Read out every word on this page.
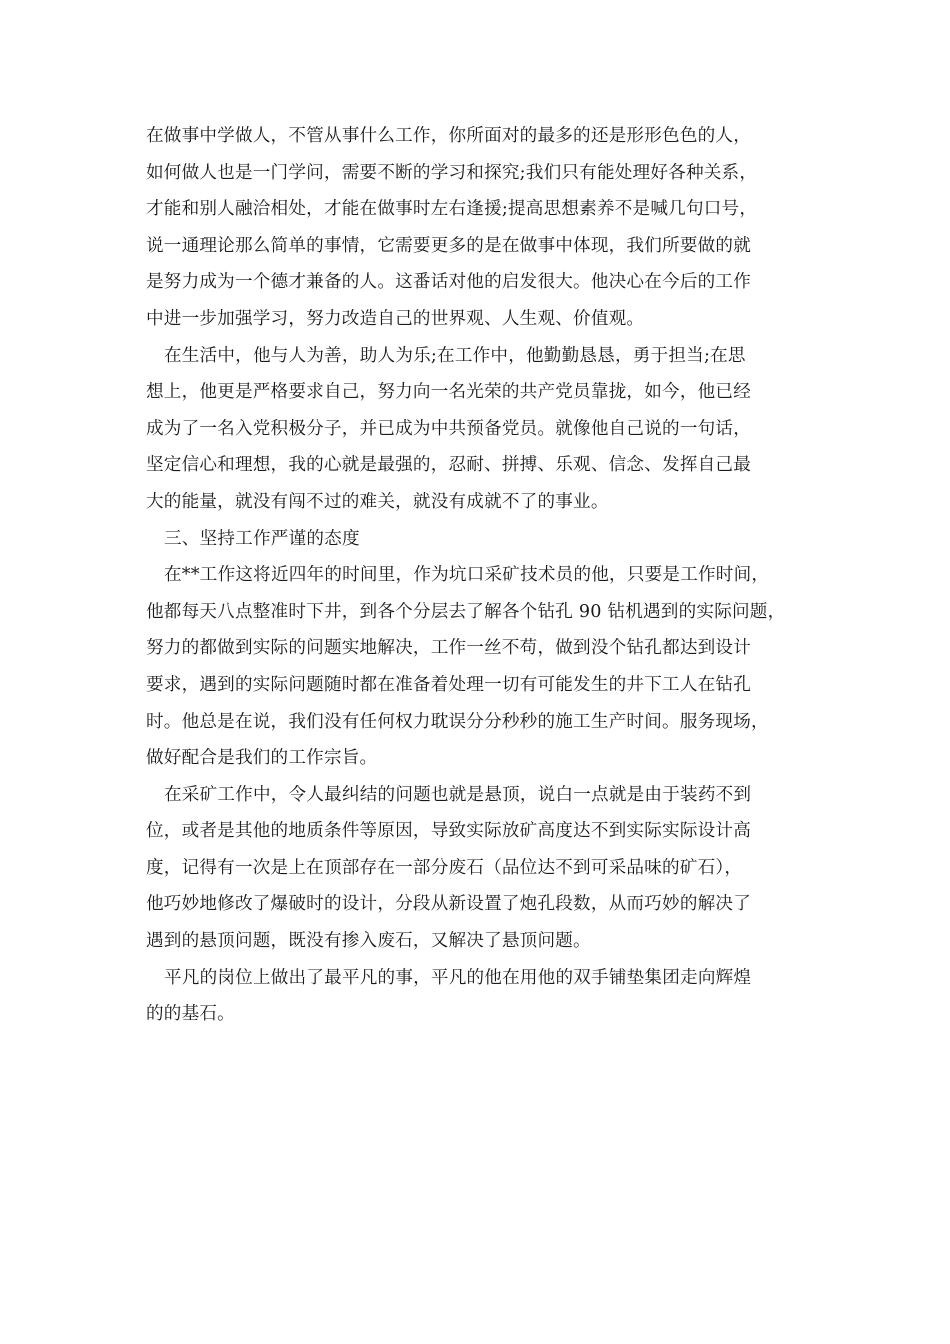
在做事中学做人，不管从事什么工作，你所面对的最多的还是形形色色的人，
如何做人也是一门学问，需要不断的学习和探究;我们只有能处理好各种关系，
才能和别人融洽相处，才能在做事时左右逢援;提高思想素养不是喊几句口号，
说一通理论那么简单的事情，它需要更多的是在做事中体现，我们所要做的就
是努力成为一个德才兼备的人。这番话对他的启发很大。他决心在今后的工作
中进一步加强学习，努力改造自己的世界观、人生观、价值观。
在生活中，他与人为善，助人为乐;在工作中，他勤勤恳恳，勇于担当;在思
想上，他更是严格要求自己，努力向一名光荣的共产党员靠拢，如今，他已经
成为了一名入党积极分子，并已成为中共预备党员。就像他自己说的一句话，
坚定信心和理想，我的心就是最强的，忍耐、拼搏、乐观、信念、发挥自己最
大的能量，就没有闯不过的难关，就没有成就不了的事业。
三、坚持工作严谨的态度
在**工作这将近四年的时间里，作为坑口采矿技术员的他，只要是工作时间，
他都每天八点整准时下井，到各个分层去了解各个钻孔 90 钻机遇到的实际问题，
努力的都做到实际的问题实地解决，工作一丝不苟，做到没个钻孔都达到设计
要求，遇到的实际问题随时都在准备着处理一切有可能发生的井下工人在钻孔
时。他总是在说，我们没有任何权力耽误分分秒秒的施工生产时间。服务现场，
做好配合是我们的工作宗旨。
在采矿工作中，令人最纠结的问题也就是悬顶，说白一点就是由于装药不到
位，或者是其他的地质条件等原因，导致实际放矿高度达不到实际实际设计高
度，记得有一次是上在顶部存在一部分废石（品位达不到可采品味的矿石），
他巧妙地修改了爆破时的设计，分段从新设置了炮孔段数，从而巧妙的解决了
遇到的悬顶问题，既没有掺入废石，又解决了悬顶问题。
平凡的岗位上做出了最平凡的事，平凡的他在用他的双手铺垫集团走向辉煌
的的基石。
